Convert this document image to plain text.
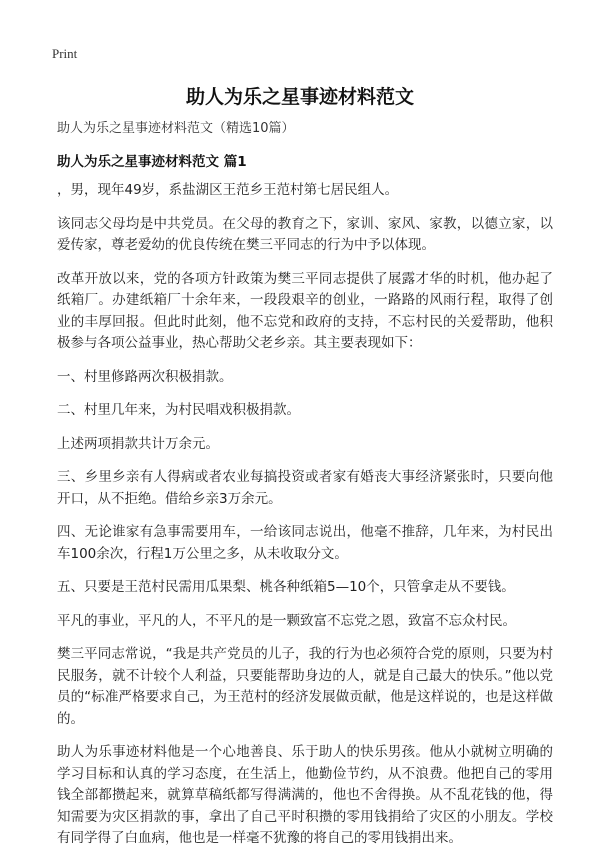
Print
助人为乐之星事迹材料范文

助人为乐之星事迹材料范文（精选10篇）

助人为乐之星事迹材料范文 篇1

，男，现年49岁，系盐湖区王范乡王范村第七居民组人。

该同志父母均是中共党员。在父母的教育之下，家训、家风、家教，以德立家，以爱传家，尊老爱幼的优良传统在樊三平同志的行为中予以体现。

改革开放以来，党的各项方针政策为樊三平同志提供了展露才华的时机，他办起了纸箱厂。办建纸箱厂十余年来，一段段艰辛的创业，一路路的风雨行程，取得了创业的丰厚回报。但此时此刻，他不忘党和政府的支持，不忘村民的关爱帮助，他积极参与各项公益事业，热心帮助父老乡亲。其主要表现如下：

一、村里修路两次积极捐款。

二、村里几年来，为村民唱戏积极捐款。

上述两项捐款共计万余元。

三、乡里乡亲有人得病或者农业每搞投资或者家有婚丧大事经济紧张时，只要向他开口，从不拒绝。借给乡亲3万余元。

四、无论谁家有急事需要用车，一给该同志说出，他毫不推辞，几年来，为村民出车100余次，行程1万公里之多，从未收取分文。

五、只要是王范村民需用瓜果梨、桃各种纸箱5—10个，只管拿走从不要钱。

平凡的事业，平凡的人，不平凡的是一颗致富不忘党之恩，致富不忘众村民。

樊三平同志常说，“我是共产党员的儿子，我的行为也必须符合党的原则，只要为村民服务，就不计较个人利益，只要能帮助身边的人，就是自己最大的快乐。”他以党员的“标准严格要求自己，为王范村的经济发展做贡献，他是这样说的，也是这样做的。

助人为乐事迹材料他是一个心地善良、乐于助人的快乐男孩。他从小就树立明确的学习目标和认真的学习态度，在生活上，他勤俭节约，从不浪费。他把自己的零用钱全部都攒起来，就算草稿纸都写得满满的，他也不舍得换。从不乱花钱的他，得知需要为灾区捐款的事，拿出了自己平时积攒的零用钱捐给了灾区的小朋友。学校有同学得了白血病，他也是一样毫不犹豫的将自己的零用钱捐出来。
